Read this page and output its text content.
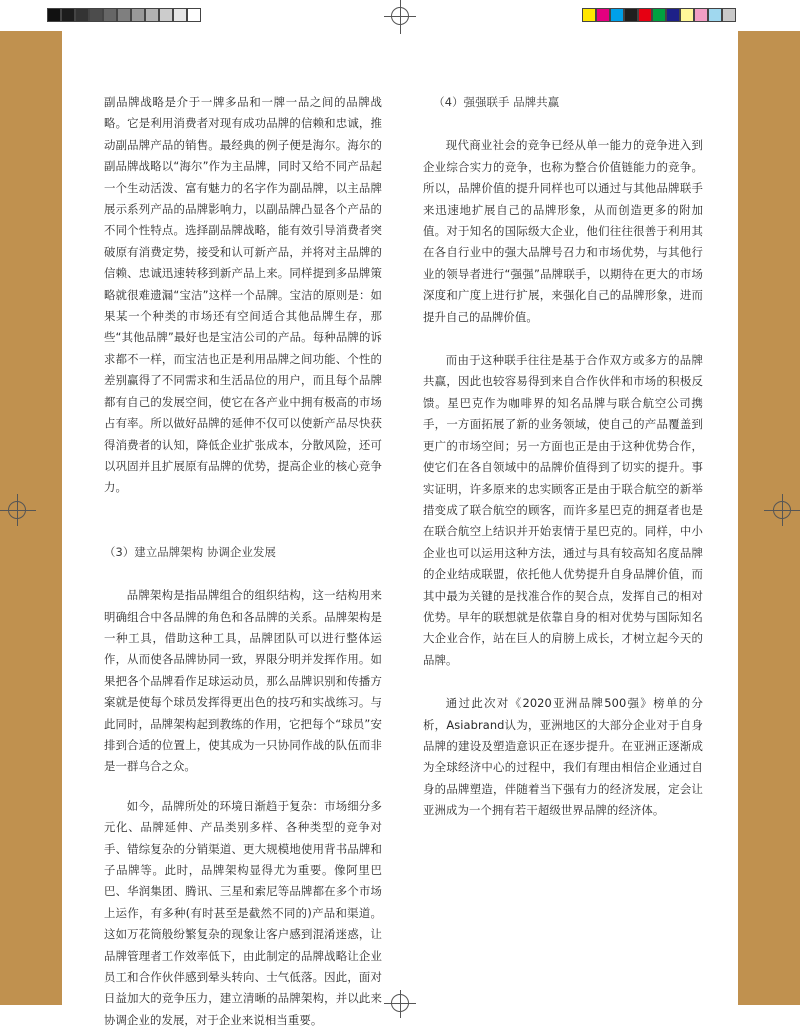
副品牌战略是介于一牌多品和一牌一品之间的品牌战略。它是利用消费者对现有成功品牌的信赖和忠诚，推动副品牌产品的销售。最经典的例子便是海尔。海尔的副品牌战略以“海尔”作为主品牌，同时又给不同产品起一个生动活泼、富有魅力的名字作为副品牌，以主品牌展示系列产品的品牌影响力，以副品牌凸显各个产品的不同个性特点。选择副品牌战略，能有效引导消费者突破原有消费定势，接受和认可新产品，并将对主品牌的信赖、忠诚迅速转移到新产品上来。同样提到多品牌策略就很难遗漏“宝洁”这样一个品牌。宝洁的原则是：如果某一个种类的市场还有空间适合其他品牌生存，那些“其他品牌”最好也是宝洁公司的产品。每种品牌的诉求都不一样，而宝洁也正是利用品牌之间功能、个性的差别赢得了不同需求和生活品位的用户，而且每个品牌都有自己的发展空间，使它在各产业中拥有极高的市场占有率。所以做好品牌的延伸不仅可以使新产品尽快获得消费者的认知，降低企业扩张成本，分散风险，还可以巩固并且扩展原有品牌的优势，提高企业的核心竞争力。

（3）建立品牌架构 协调企业发展

品牌架构是指品牌组合的组织结构，这一结构用来明确组合中各品牌的角色和各品牌的关系。品牌架构是一种工具，借助这种工具，品牌团队可以进行整体运作，从而使各品牌协同一致，界限分明并发挥作用。如果把各个品牌看作足球运动员，那么品牌识别和传播方案就是使每个球员发挥得更出色的技巧和实战练习。与此同时，品牌架构起到教练的作用，它把每个“球员”安排到合适的位置上，使其成为一只协同作战的队伍而非是一群乌合之众。

如今，品牌所处的环境日渐趋于复杂：市场细分多元化、品牌延伸、产品类别多样、各种类型的竞争对手、错综复杂的分销渠道、更大规模地使用背书品牌和子品牌等。此时，品牌架构显得尤为重要。像阿里巴巴、华润集团、腾讯、三星和索尼等品牌都在多个市场上运作，有多种(有时甚至是截然不同的)产品和渠道。这如万花筒般纷繁复杂的现象让客户感到混淆迷惑，让品牌管理者工作效率低下，由此制定的品牌战略让企业员工和合作伙伴感到晕头转向、士气低落。因此，面对日益加大的竞争压力，建立清晰的品牌架构，并以此来协调企业的发展，对于企业来说相当重要。

（4）强强联手 品牌共赢

现代商业社会的竞争已经从单一能力的竞争进入到企业综合实力的竞争，也称为整合价值链能力的竞争。所以，品牌价值的提升同样也可以通过与其他品牌联手来迅速地扩展自己的品牌形象，从而创造更多的附加值。对于知名的国际级大企业，他们往往很善于利用其在各自行业中的强大品牌号召力和市场优势，与其他行业的领导者进行“强强”品牌联手，以期待在更大的市场深度和广度上进行扩展，来强化自己的品牌形象，进而提升自己的品牌价值。

而由于这种联手往往是基于合作双方或多方的品牌共赢，因此也较容易得到来自合作伙伴和市场的积极反馈。星巴克作为咖啡界的知名品牌与联合航空公司携手，一方面拓展了新的业务领域，使自己的产品覆盖到更广的市场空间；另一方面也正是由于这种优势合作，使它们在各自领域中的品牌价值得到了切实的提升。事实证明，许多原来的忠实顾客正是由于联合航空的新举措变成了联合航空的顾客，而许多星巴克的拥趸者也是在联合航空上结识并开始衷情于星巴克的。同样，中小企业也可以运用这种方法，通过与具有较高知名度品牌的企业结成联盟，依托他人优势提升自身品牌价值，而其中最为关键的是找准合作的契合点，发挥自己的相对优势。早年的联想就是依靠自身的相对优势与国际知名大企业合作，站在巨人的肩膀上成长，才树立起今天的品牌。

通过此次对《2020亚洲品牌500强》榜单的分析，Asiabrand认为，亚洲地区的大部分企业对于自身品牌的建设及塑造意识正在逐步提升。在亚洲正逐渐成为全球经济中心的过程中，我们有理由相信企业通过自身的品牌塑造，伴随着当下强有力的经济发展，定会让亚洲成为一个拥有若干超级世界品牌的经济体。
